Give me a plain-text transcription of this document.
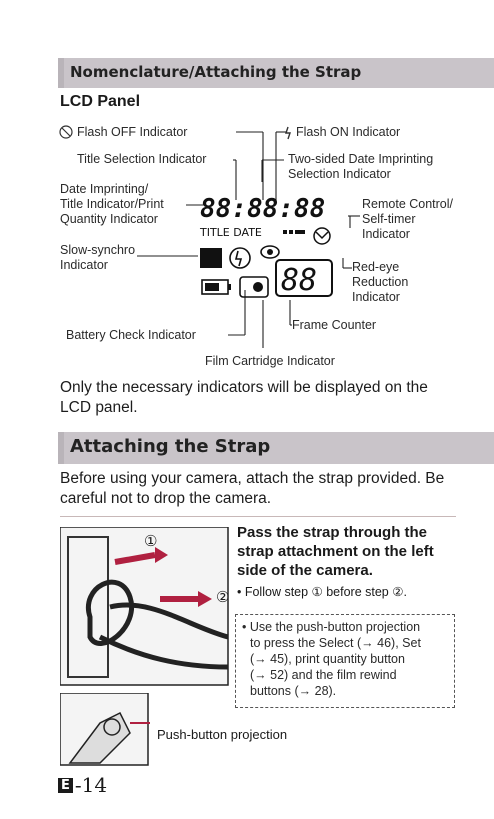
Nomenclature/Attaching the Strap
LCD Panel
88:88:88
TITLE DATE
88
Flash OFF Indicator	Flash ON Indicator
Title Selection Indicator	Two-sided Date Imprinting
Selection Indicator
Date Imprinting/
Title Indicator/Print
Quantity Indicator
Remote Control/
Self-timer
Indicator
Slow-synchro
Indicator	Red-eye
Reduction
Indicator
Battery Check Indicator
Frame Counter
Film Cartridge Indicator
Only the necessary indicators will be displayed on the LCD panel.
Attaching the Strap
Before using your camera, attach the strap provided. Be careful not to drop the camera.
①
②
Push-button projection
Pass the strap through the strap attachment on the left side of the camera.
• Follow step ① before step ②.
• Use the push-button projection
to press the Select (→ 46), Set
(→ 45), print quantity button
(→ 52) and the film rewind
buttons (→ 28).
E -14
